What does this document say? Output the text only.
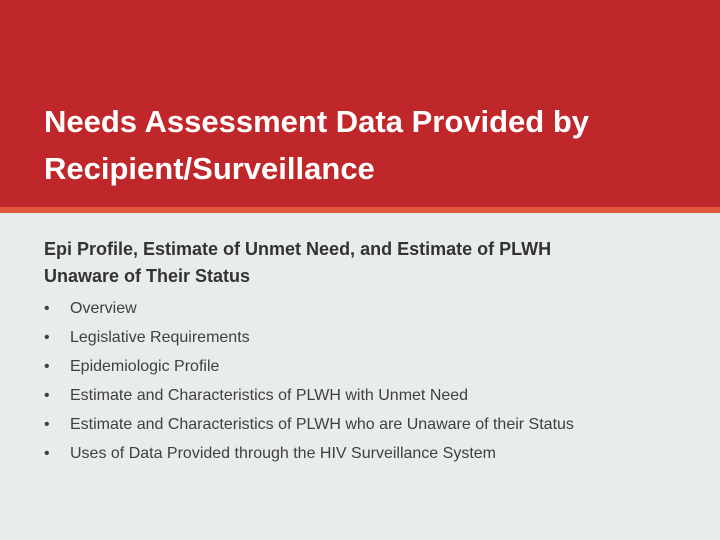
Needs Assessment Data Provided by
Recipient/Surveillance
Epi Profile, Estimate of Unmet Need, and Estimate of PLWH
Unaware of Their Status
• Overview
• Legislative Requirements
• Epidemiologic Profile
• Estimate and Characteristics of PLWH with Unmet Need
• Estimate and Characteristics of PLWH who are Unaware of their Status
• Uses of Data Provided through the HIV Surveillance System
